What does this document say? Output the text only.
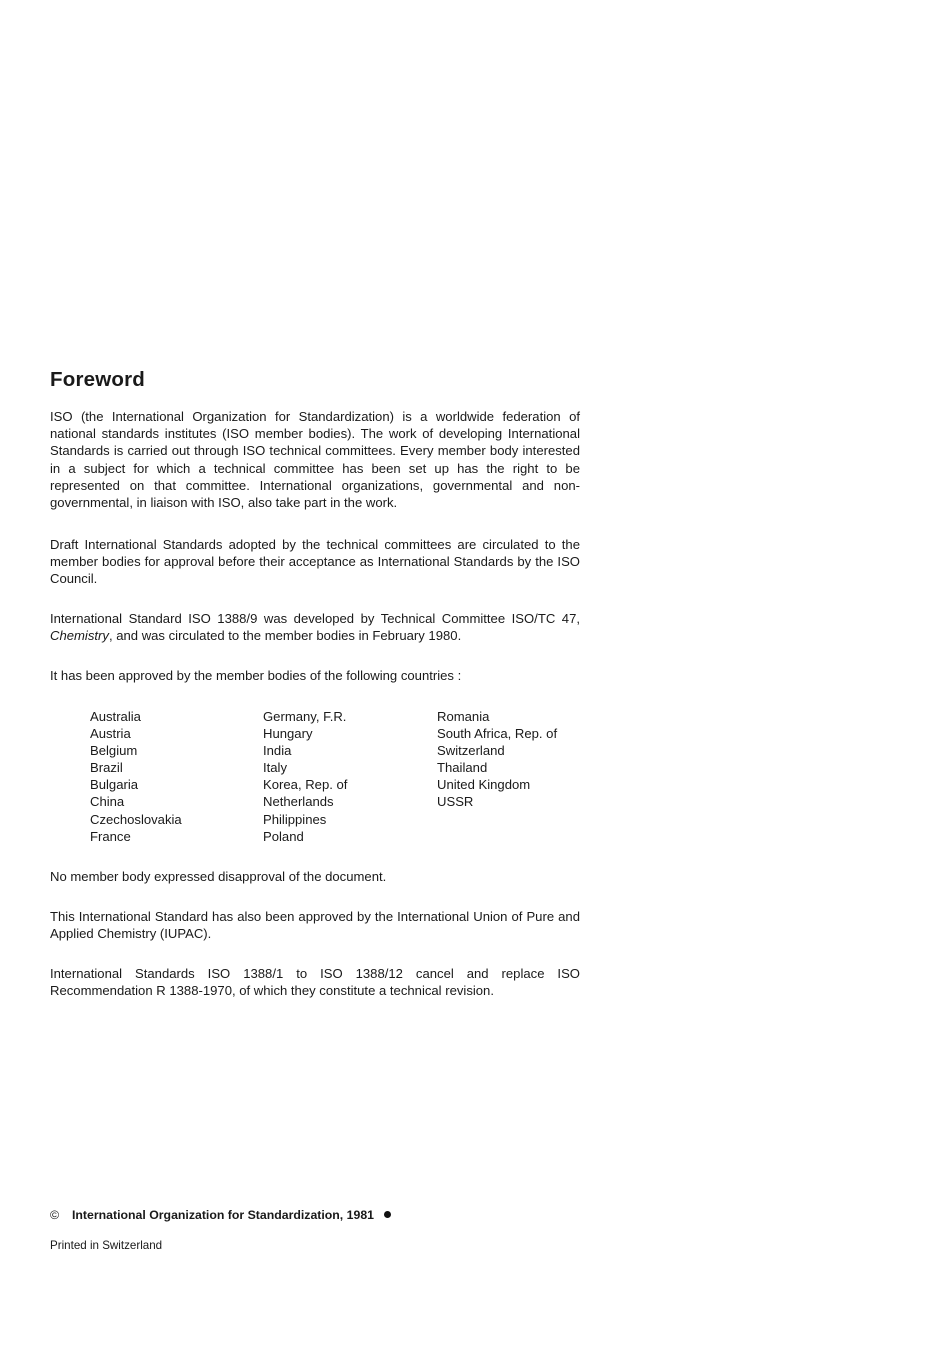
Foreword

ISO (the International Organization for Standardization) is a worldwide federation of national standards institutes (ISO member bodies). The work of developing International Standards is carried out through ISO technical committees. Every member body interested in a subject for which a technical committee has been set up has the right to be represented on that committee. International organizations, governmental and non-governmental, in liaison with ISO, also take part in the work.

Draft International Standards adopted by the technical committees are circulated to the member bodies for approval before their acceptance as International Standards by the ISO Council.

International Standard ISO 1388/9 was developed by Technical Committee ISO/TC 47, Chemistry, and was circulated to the member bodies in February 1980.

It has been approved by the member bodies of the following countries :

Australia
Austria
Belgium
Brazil
Bulgaria
China
Czechoslovakia
France
Germany, F.R.
Hungary
India
Italy
Korea, Rep. of
Netherlands
Philippines
Poland
Romania
South Africa, Rep. of
Switzerland
Thailand
United Kingdom
USSR

No member body expressed disapproval of the document.

This International Standard has also been approved by the International Union of Pure and Applied Chemistry (IUPAC).

International Standards ISO 1388/1 to ISO 1388/12 cancel and replace ISO Recommendation R 1388-1970, of which they constitute a technical revision.

© International Organization for Standardization, 1981
Printed in Switzerland
